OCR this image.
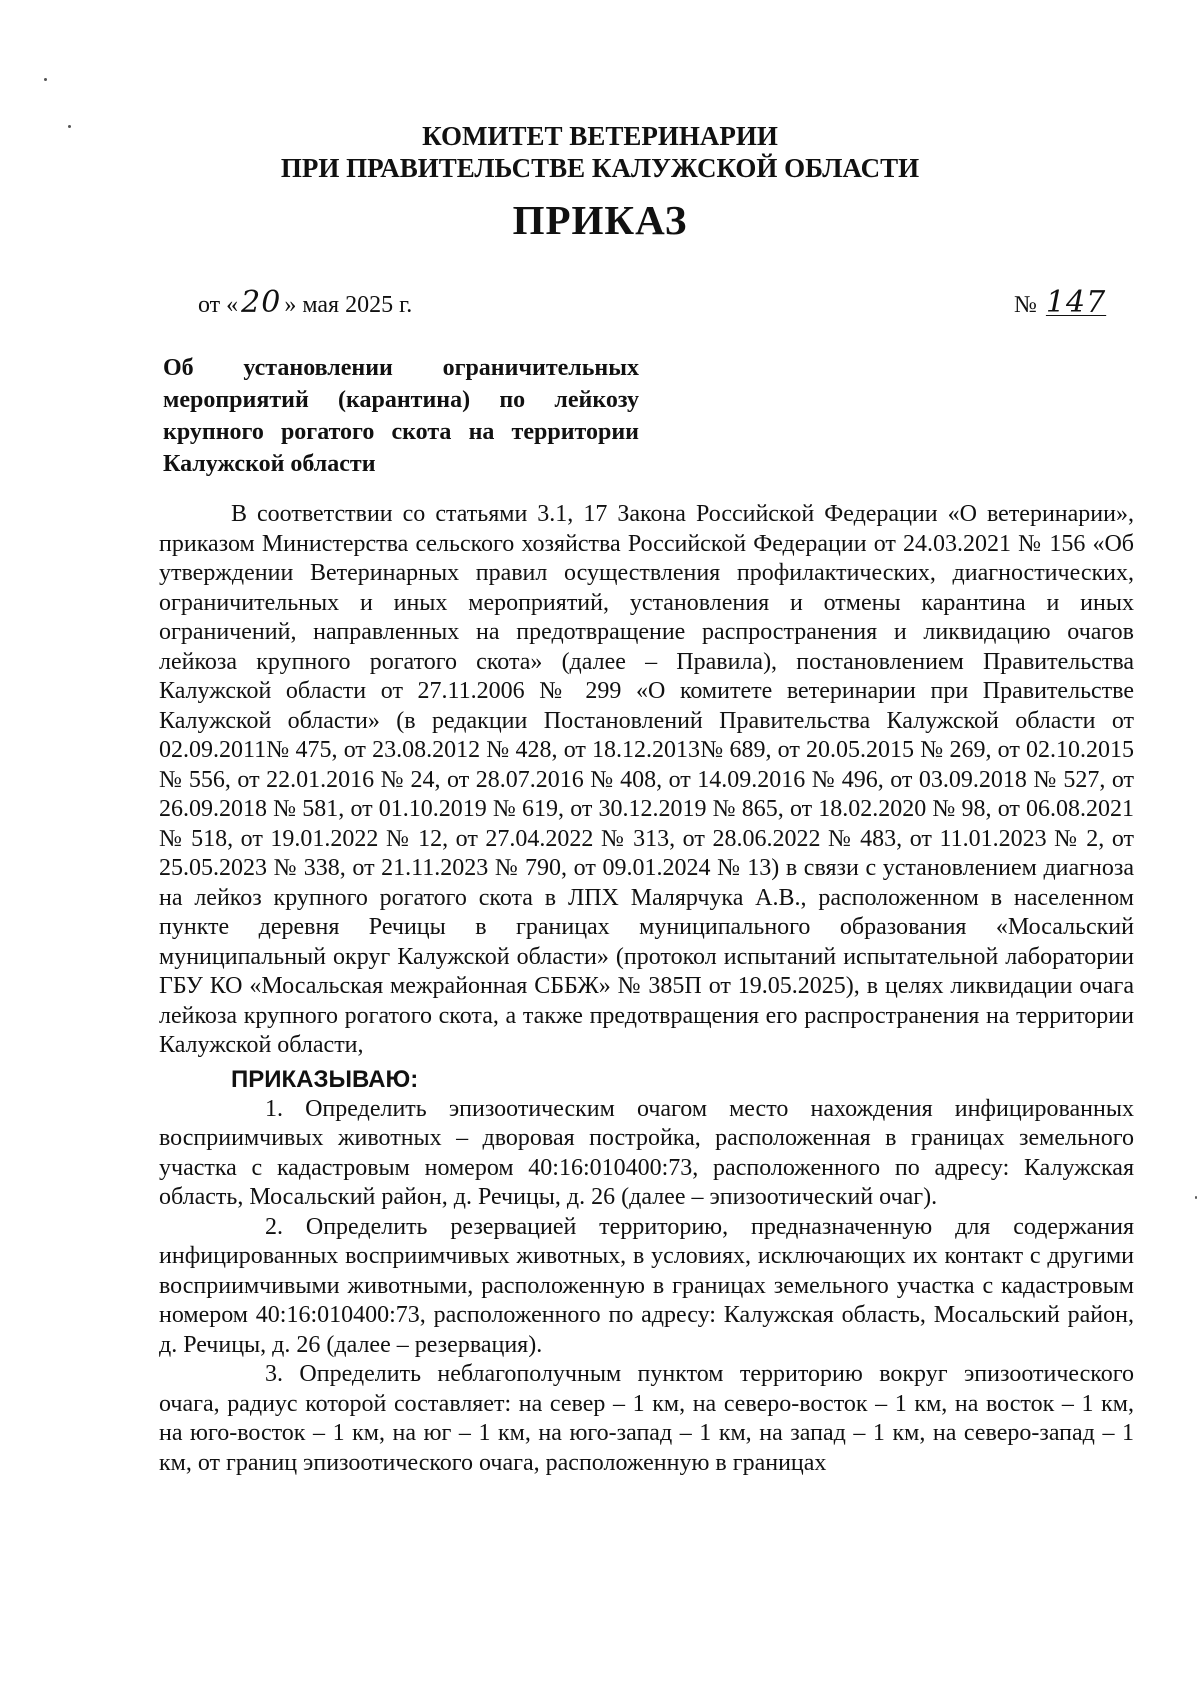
КОМИТЕТ ВЕТЕРИНАРИИ
ПРИ ПРАВИТЕЛЬСТВЕ КАЛУЖСКОЙ ОБЛАСТИ
ПРИКАЗ
от « 20 » мая 2025 г.	№ 147
Об установлении ограничительных мероприятий (карантина) по лейкозу крупного рогатого скота на территории Калужской области

В соответствии со статьями 3.1, 17 Закона Российской Федерации «О ветеринарии», приказом Министерства сельского хозяйства Российской Федерации от 24.03.2021 № 156 «Об утверждении Ветеринарных правил осуществления профилактических, диагностических, ограничительных и иных мероприятий, установления и отмены карантина и иных ограничений, направленных на предотвращение распространения и ликвидацию очагов лейкоза крупного рогатого скота» (далее – Правила), постановлением Правительства Калужской области от 27.11.2006 № 299 «О комитете ветеринарии при Правительстве Калужской области» (в редакции Постановлений Правительства Калужской области от 02.09.2011№ 475, от 23.08.2012 № 428, от 18.12.2013№ 689, от 20.05.2015 № 269, от 02.10.2015 № 556, от 22.01.2016 № 24, от 28.07.2016 № 408, от 14.09.2016 № 496, от 03.09.2018 № 527, от 26.09.2018 № 581, от 01.10.2019 № 619, от 30.12.2019 № 865, от 18.02.2020 № 98, от 06.08.2021 № 518, от 19.01.2022 № 12, от 27.04.2022 № 313, от 28.06.2022 № 483, от 11.01.2023 № 2, от 25.05.2023 № 338, от 21.11.2023 № 790, от 09.01.2024 № 13) в связи с установлением диагноза на лейкоз крупного рогатого скота в ЛПХ Малярчука А.В., расположенном в населенном пункте деревня Речицы в границах муниципального образования «Мосальский муниципальный округ Калужской области» (протокол испытаний испытательной лаборатории ГБУ КО «Мосальская межрайонная СББЖ» № 385П от 19.05.2025), в целях ликвидации очага лейкоза крупного рогатого скота, а также предотвращения его распространения на территории Калужской области,

ПРИКАЗЫВАЮ:

1. Определить эпизоотическим очагом место нахождения инфицированных восприимчивых животных – дворовая постройка, расположенная в границах земельного участка с кадастровым номером 40:16:010400:73, расположенного по адресу: Калужская область, Мосальский район, д. Речицы, д. 26 (далее – эпизоотический очаг).

2. Определить резервацией территорию, предназначенную для содержания инфицированных восприимчивых животных, в условиях, исключающих их контакт с другими восприимчивыми животными, расположенную в границах земельного участка с кадастровым номером 40:16:010400:73, расположенного по адресу: Калужская область, Мосальский район, д. Речицы, д. 26 (далее – резервация).

3. Определить неблагополучным пунктом территорию вокруг эпизоотического очага, радиус которой составляет: на север – 1 км, на северо-восток – 1 км, на восток – 1 км, на юго-восток – 1 км, на юг – 1 км, на юго-запад – 1 км, на запад – 1 км, на северо-запад – 1 км, от границ эпизоотического очага, расположенную в границах
